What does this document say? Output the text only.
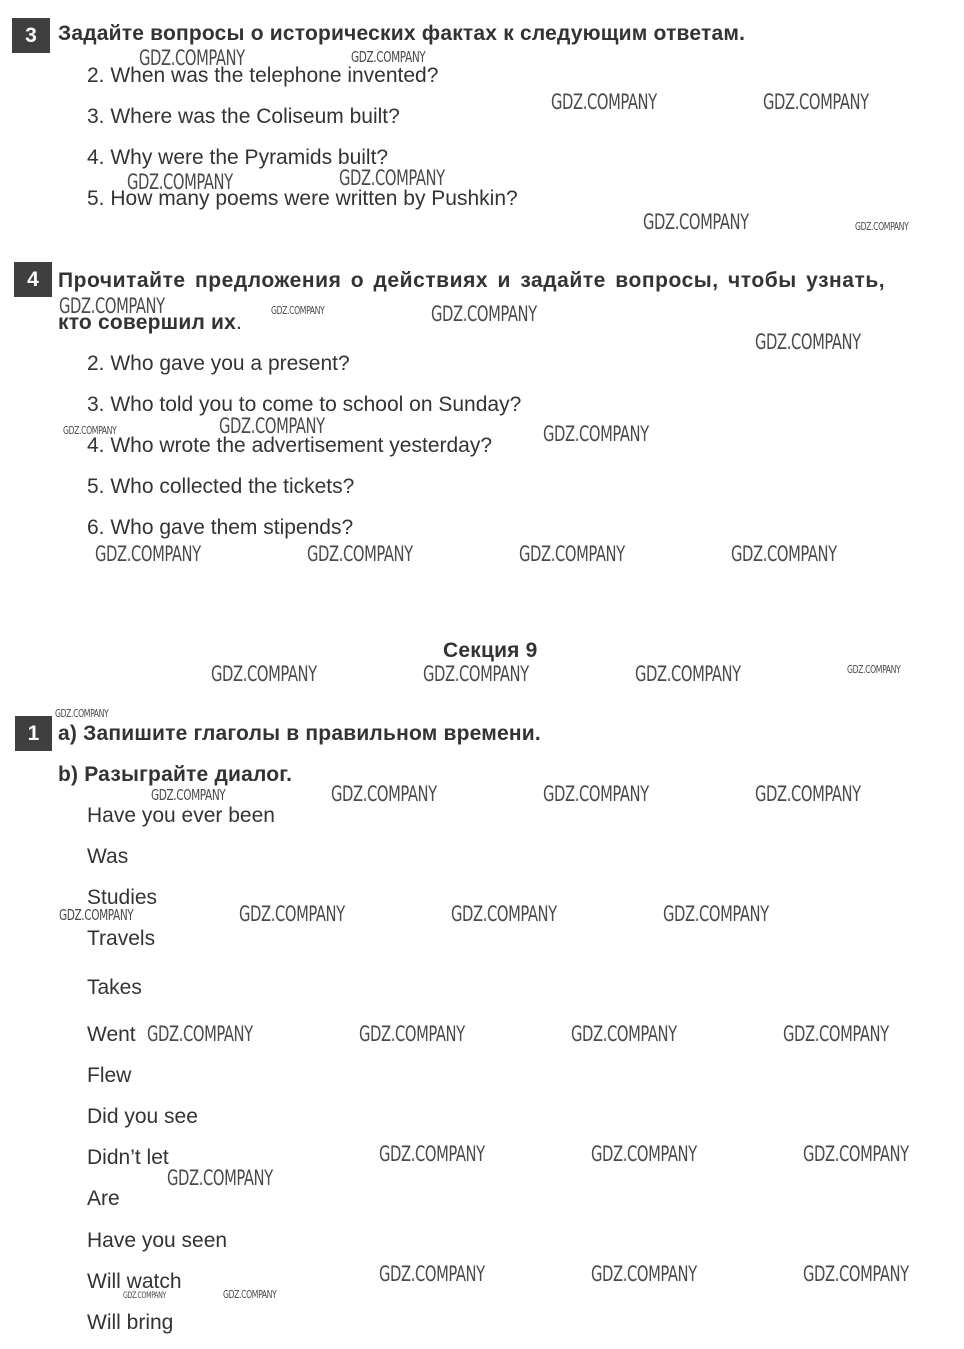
3	Задайте вопросы о исторических фактах к следующим ответам.
2. When was the telephone invented?
3. Where was the Coliseum built?
4. Why were the Pyramids built?
5. How many poems were written by Pushkin?
4 Прочитайте предложения о действиях и задайте вопросы, чтобы узнать,
кто совершил их.
2. Who gave you a present?
3. Who told you to come to school on Sunday?
4. Who wrote the advertisement yesterday?
5. Who collected the tickets?
6. Who gave them stipends?
Секция 9
1 a) Запишите глаголы в правильном времени.
b) Разыграйте диалог.
Have you ever been
Was
Studies
Travels
Takes
Went
Flew
Did you see
Didn’t let
Are
Have you seen
Will watch
Will bring
GDZ.COMPANY	GDZ.COMPANY
GDZ.COMPANY	GDZ.COMPANY
GDZ.COMPANY	GDZ.COMPANY
GDZ.COMPANY	GDZ.COMPANY
GDZ.COMPANY	GDZ.COMPANY	GDZ.COMPANY
GDZ.COMPANY
GDZ.COMPANY	GDZ.COMPANY	GDZ.COMPANY
GDZ.COMPANY	GDZ.COMPANY	GDZ.COMPANY	GDZ.COMPANY
GDZ.COMPANY	GDZ.COMPANY	GDZ.COMPANY	GDZ.COMPANY
GDZ.COMPANY
GDZ.COMPANY	GDZ.COMPANY	GDZ.COMPANY	GDZ.COMPANY
GDZ.COMPANY	GDZ.COMPANY	GDZ.COMPANY	GDZ.COMPANY
GDZ.COMPANY	GDZ.COMPANY	GDZ.COMPANY	GDZ.COMPANY
GDZ.COMPANY	GDZ.COMPANY	GDZ.COMPANY
GDZ.COMPANY
GDZ.COMPANY	GDZ.COMPANY	GDZ.COMPANY
GDZ.COMPANY
GDZ.COMPANY
